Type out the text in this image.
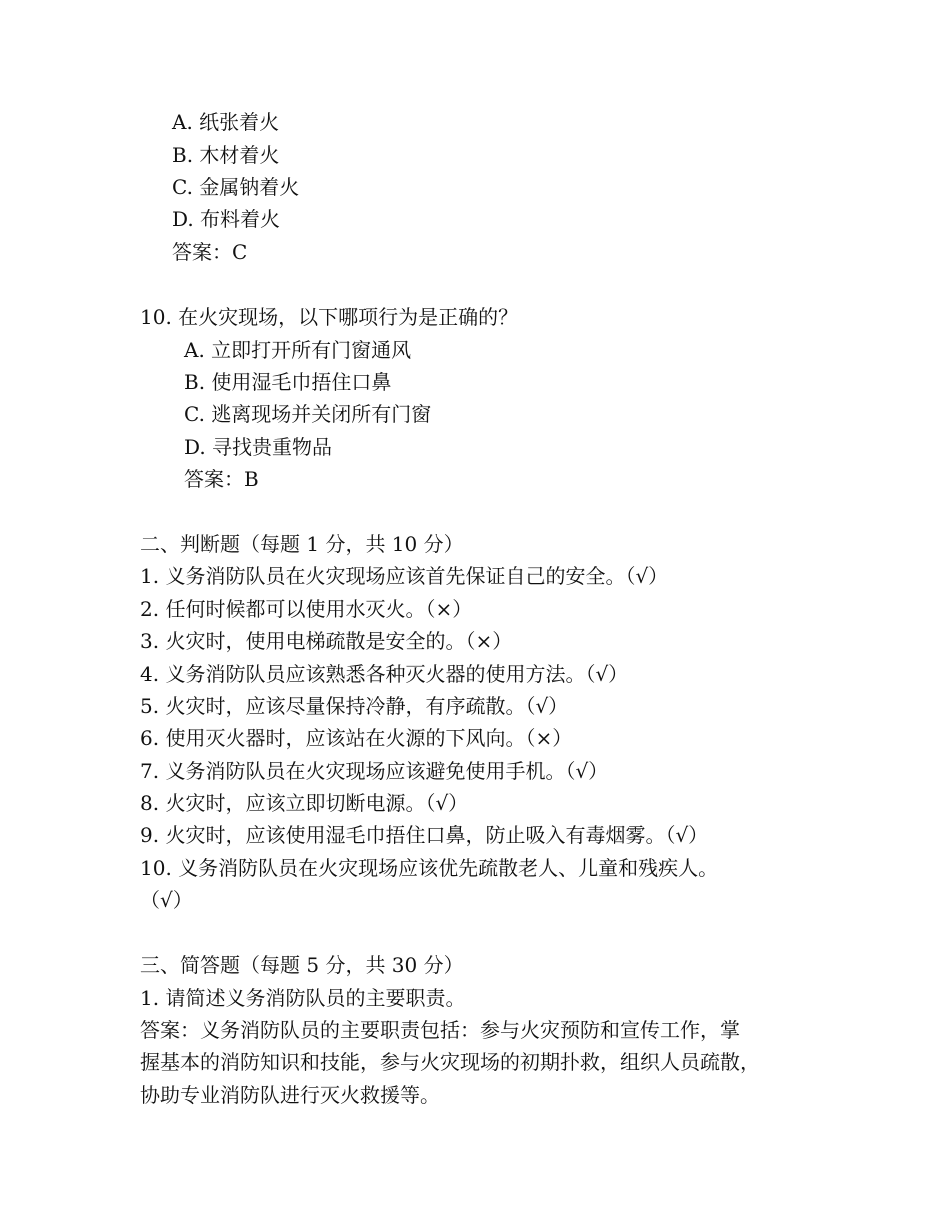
A. 纸张着火
B. 木材着火
C. 金属钠着火
D. 布料着火
答案：C
10. 在火灾现场，以下哪项行为是正确的？
A. 立即打开所有门窗通风
B. 使用湿毛巾捂住口鼻
C. 逃离现场并关闭所有门窗
D. 寻找贵重物品
答案：B
二、判断题（每题 1 分，共 10 分）
1. 义务消防队员在火灾现场应该首先保证自己的安全。（√）
2. 任何时候都可以使用水灭火。（×）
3. 火灾时，使用电梯疏散是安全的。（×）
4. 义务消防队员应该熟悉各种灭火器的使用方法。（√）
5. 火灾时，应该尽量保持冷静，有序疏散。（√）
6. 使用灭火器时，应该站在火源的下风向。（×）
7. 义务消防队员在火灾现场应该避免使用手机。（√）
8. 火灾时，应该立即切断电源。（√）
9. 火灾时，应该使用湿毛巾捂住口鼻，防止吸入有毒烟雾。（√）
10. 义务消防队员在火灾现场应该优先疏散老人、儿童和残疾人。
（√）
三、简答题（每题 5 分，共 30 分）
1. 请简述义务消防队员的主要职责。
答案：义务消防队员的主要职责包括：参与火灾预防和宣传工作，掌
握基本的消防知识和技能，参与火灾现场的初期扑救，组织人员疏散，
协助专业消防队进行灭火救援等。
